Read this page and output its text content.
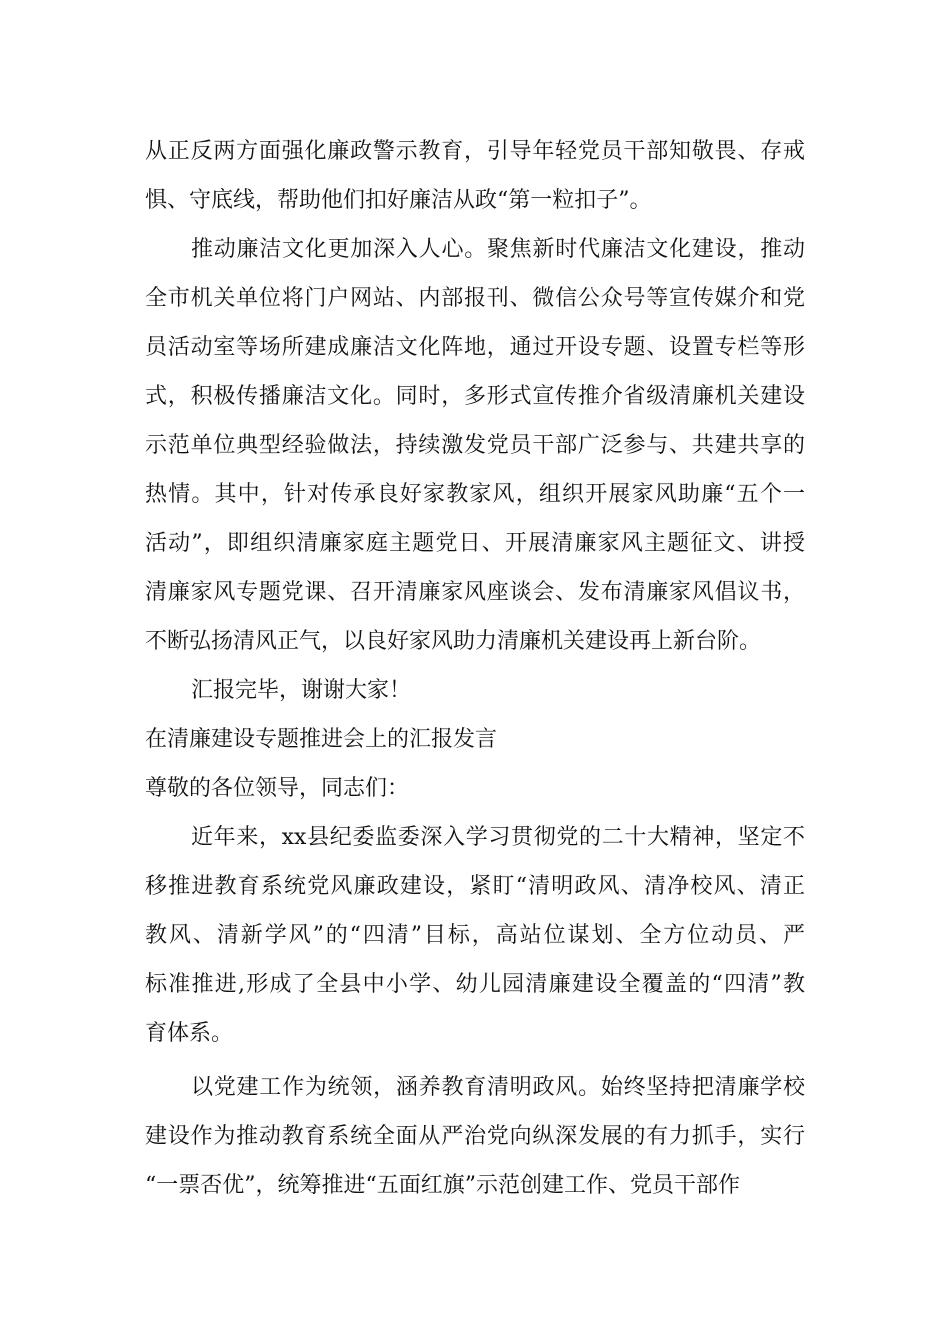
从正反两方面强化廉政警示教育，引导年轻党员干部知敬畏、存戒
惧、守底线，帮助他们扣好廉洁从政“第一粒扣子”。
推动廉洁文化更加深入人心。聚焦新时代廉洁文化建设，推动
全市机关单位将门户网站、内部报刊、微信公众号等宣传媒介和党
员活动室等场所建成廉洁文化阵地，通过开设专题、设置专栏等形
式，积极传播廉洁文化。同时，多形式宣传推介省级清廉机关建设
示范单位典型经验做法，持续激发党员干部广泛参与、共建共享的
热情。其中，针对传承良好家教家风，组织开展家风助廉“五个一
活动”，即组织清廉家庭主题党日、开展清廉家风主题征文、讲授
清廉家风专题党课、召开清廉家风座谈会、发布清廉家风倡议书，
不断弘扬清风正气，以良好家风助力清廉机关建设再上新台阶。
汇报完毕，谢谢大家！
在清廉建设专题推进会上的汇报发言
尊敬的各位领导，同志们：
近年来，xx县纪委监委深入学习贯彻党的二十大精神，坚定不
移推进教育系统党风廉政建设，紧盯“清明政风、清净校风、清正
教风、清新学风”的“四清”目标，高站位谋划、全方位动员、严
标准推进,形成了全县中小学、幼儿园清廉建设全覆盖的“四清”教
育体系。
以党建工作为统领，涵养教育清明政风。始终坚持把清廉学校
建设作为推动教育系统全面从严治党向纵深发展的有力抓手，实行
“一票否优”，统筹推进“五面红旗”示范创建工作、党员干部作
